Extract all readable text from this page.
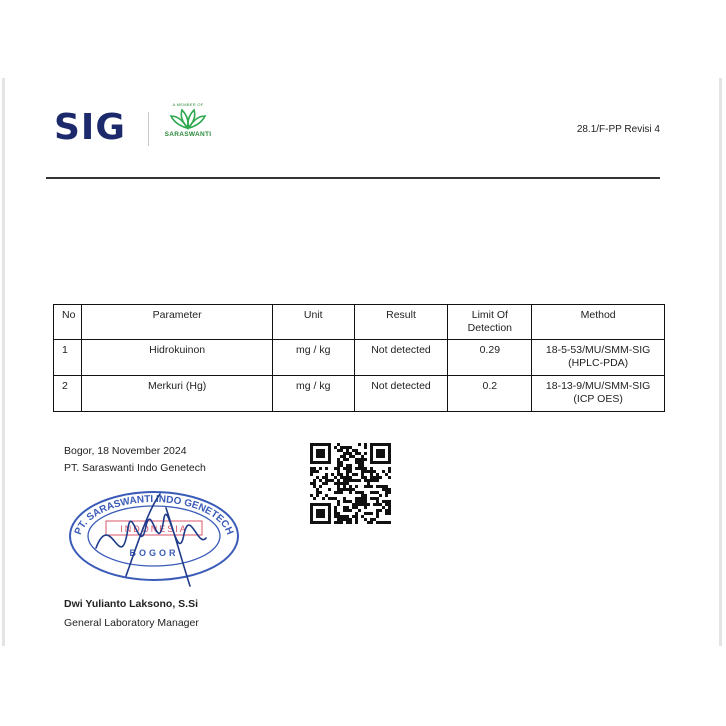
SIG
A MEMBER OF
SARASWANTI	28.1/F-PP Revisi 4
No	Parameter	Unit	Result	Limit Of Detection	Method
1	Hidrokuinon	mg / kg	Not detected	0.29	18-5-53/MU/SMM-SIG (HPLC-PDA)
2	Merkuri (Hg)	mg / kg	Not detected	0.2	18-13-9/MU/SMM-SIG (ICP OES)
Bogor, 18 November 2024
PT. Saraswanti Indo Genetech
PT. SARASWANTI INDO GENETECH
INDONESIA
BOGOR
Dwi Yulianto Laksono, S.Si
General Laboratory Manager
